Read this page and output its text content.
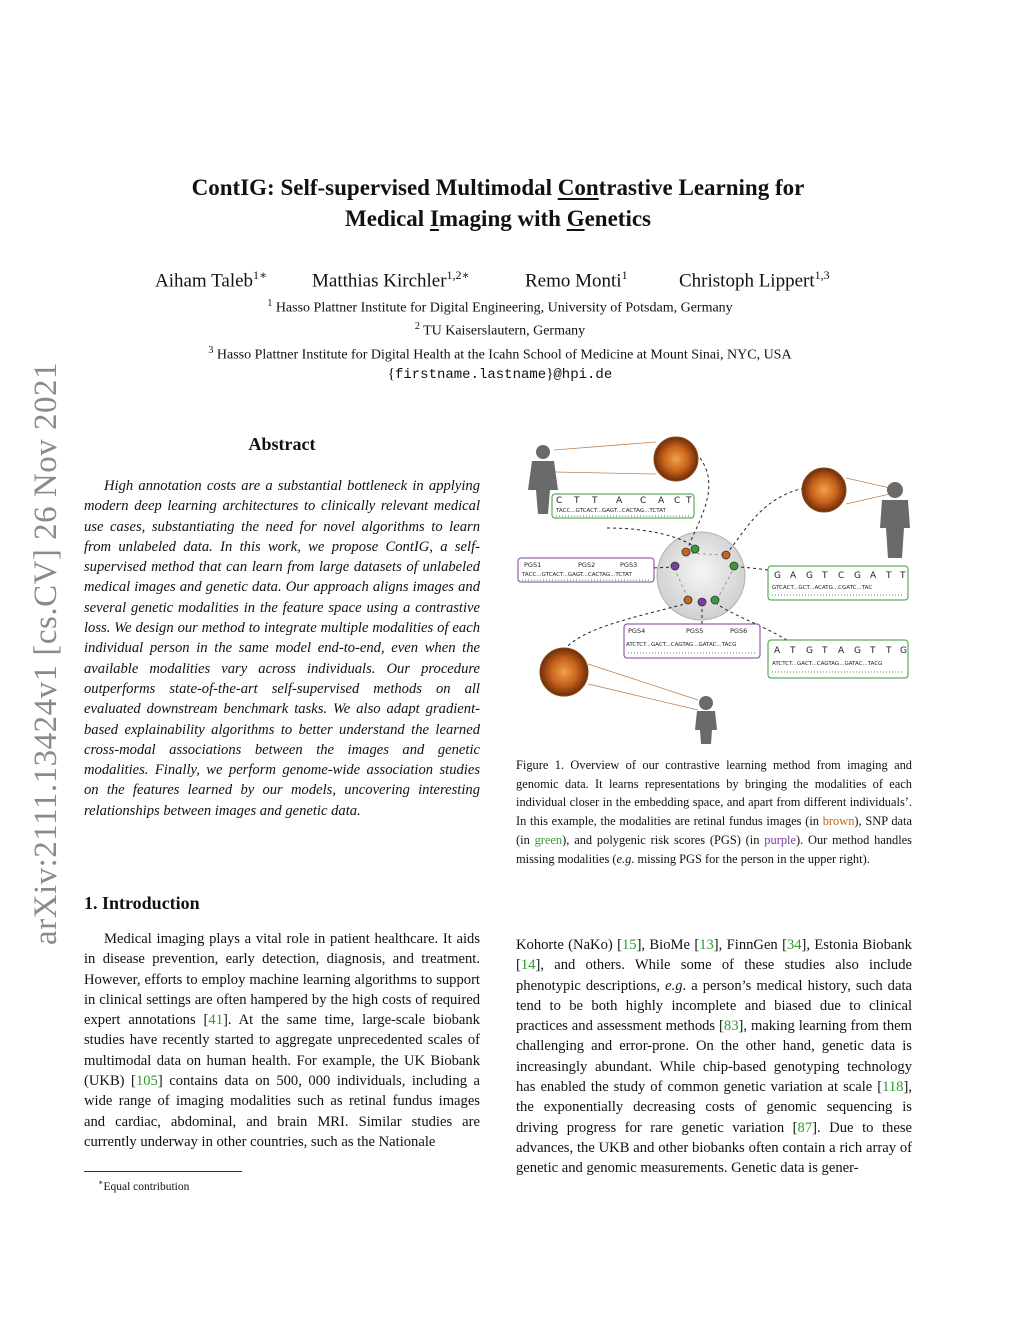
arXiv:2111.13424v1 [cs.CV] 26 Nov 2021
ContIG: Self-supervised Multimodal Contrastive Learning for
Medical Imaging with Genetics
Aiham Taleb$^{1∗}$ Matthias Kirchler$^{1,2∗}$	Remo Monti$^1$	Christoph Lippert$^{1,3}$
$^1$ Hasso Plattner Institute for Digital Engineering, University of Potsdam, Germany
$^2$ TU Kaiserslautern, Germany
$^3$ Hasso Plattner Institute for Digital Health at the Icahn School of Medicine at Mount Sinai, NYC, USA
{firstname.lastname}@hpi.de
Abstract
High annotation costs are a substantial bottleneck in applying modern deep learning architectures to clinically relevant medical use cases, substantiating the need for novel algorithms to learn from unlabeled data. In this work, we propose ContIG, a self-supervised method that can learn from large datasets of unlabeled medical images and genetic data. Our approach aligns images and several genetic modalities in the feature space using a contrastive loss. We design our method to integrate multiple modalities of each individual person in the same model end-to-end, even when the available modalities vary across individuals. Our procedure outperforms state-of-the-art self-supervised methods on all evaluated downstream benchmark tasks. We also adapt gradient-based explainability algorithms to better understand the learned cross-modal associations between the images and genetic modalities. Finally, we perform genome-wide association studies on the features learned by our models, uncovering interesting relationships between images and genetic data.
1. Introduction
Medical imaging plays a vital role in patient healthcare. It aids in disease prevention, early detection, diagnosis, and treatment. However, efforts to employ machine learning algorithms to support in clinical settings are often hampered by the high costs of required expert annotations [41]. At the same time, large-scale biobank studies have recently started to aggregate unprecedented scales of multimodal data on human health. For example, the UK Biobank (UKB) [105] contains data on 500, 000 individuals, including a wide range of imaging modalities such as retinal fundus images and cardiac, abdominal, and brain MRI. Similar studies are currently underway in other countries, such as the Nationale
Kohorte (NaKo) [15], BioMe [13], FinnGen [34], Estonia Biobank [14], and others. While some of these studies also include phenotypic descriptions, e.g. a person’s medical history, such data tend to be both highly incomplete and biased due to clinical practices and assessment methods [83], making learning from them challenging and error-prone. On the other hand, genetic data is increasingly abundant. While chip-based genotyping technology has enabled the study of common genetic variation at scale [118], the exponentially decreasing costs of genomic sequencing is driving progress for rare genetic variation [87]. Due to these advances, the UKB and other biobanks often contain a rich array of genetic and genomic measurements. Genetic data is gener-
C T T A C A C T
TACC...GTCACT...GAGT...CACTAG...TCTAT
PGS1	PGS2	PGS3
TACC...GTCACT...GAGT...CACTAG...TCTAT	G A G T C G A T T
GTCACT...GCT...ACATG...CGATC...TAC
PGS4	PGS5	PGS6
ATCTCT...GACT...CAGTAG...GATAC...TACG
A T G T A G T T G
ATCTCT...GACT...CAGTAG...GATAC...TACG
Figure 1. Overview of our contrastive learning method from imaging and genomic data. It learns representations by bringing the modalities of each individual closer in the embedding space, and apart from different individuals’. In this example, the modalities are retinal fundus images (in brown), SNP data (in green), and polygenic risk scores (PGS) (in purple). Our method handles missing modalities (e.g. missing PGS for the person in the upper right).
∗Equal contribution
